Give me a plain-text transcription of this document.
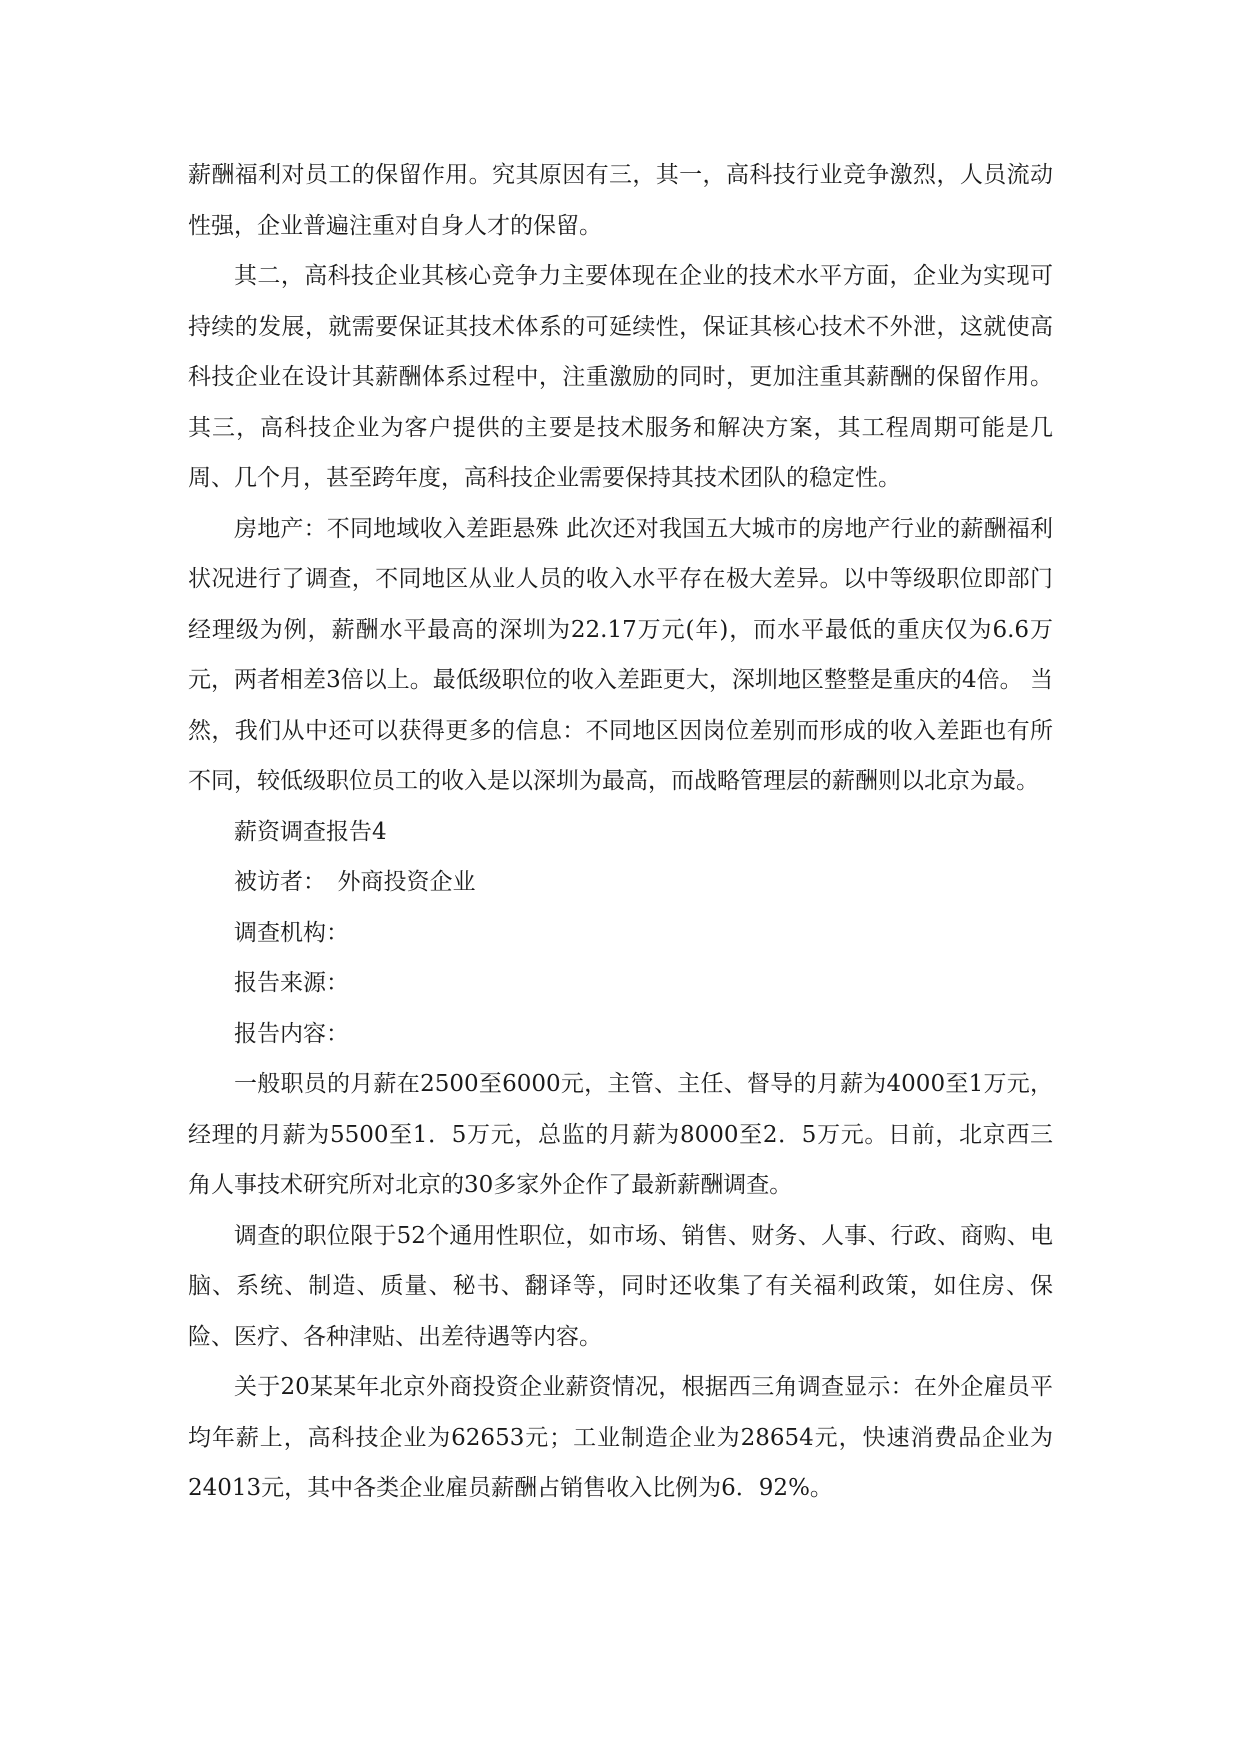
薪酬福利对员工的保留作用。究其原因有三，其一，高科技行业竞争激烈，人员流动性强，企业普遍注重对自身人才的保留。

其二，高科技企业其核心竞争力主要体现在企业的技术水平方面，企业为实现可持续的发展，就需要保证其技术体系的可延续性，保证其核心技术不外泄，这就使高科技企业在设计其薪酬体系过程中，注重激励的同时，更加注重其薪酬的保留作用。其三，高科技企业为客户提供的主要是技术服务和解决方案，其工程周期可能是几周、几个月，甚至跨年度，高科技企业需要保持其技术团队的稳定性。

房地产：不同地域收入差距悬殊 此次还对我国五大城市的房地产行业的薪酬福利状况进行了调查，不同地区从业人员的收入水平存在极大差异。以中等级职位即部门经理级为例，薪酬水平最高的深圳为22.17万元(年)，而水平最低的重庆仅为6.6万元，两者相差3倍以上。最低级职位的收入差距更大，深圳地区整整是重庆的4倍。 当然，我们从中还可以获得更多的信息：不同地区因岗位差别而形成的收入差距也有所不同，较低级职位员工的收入是以深圳为最高，而战略管理层的薪酬则以北京为最。

薪资调查报告4

被访者：　外商投资企业

调查机构：

报告来源：

报告内容：

一般职员的月薪在2500至6000元，主管、主任、督导的月薪为4000至1万元，经理的月薪为5500至1．5万元，总监的月薪为8000至2．5万元。日前，北京西三角人事技术研究所对北京的30多家外企作了最新薪酬调查。

调查的职位限于52个通用性职位，如市场、销售、财务、人事、行政、商购、电脑、系统、制造、质量、秘书、翻译等，同时还收集了有关福利政策，如住房、保险、医疗、各种津贴、出差待遇等内容。

关于20某某年北京外商投资企业薪资情况，根据西三角调查显示：在外企雇员平均年薪上，高科技企业为62653元；工业制造企业为28654元，快速消费品企业为24013元，其中各类企业雇员薪酬占销售收入比例为6．92%。
